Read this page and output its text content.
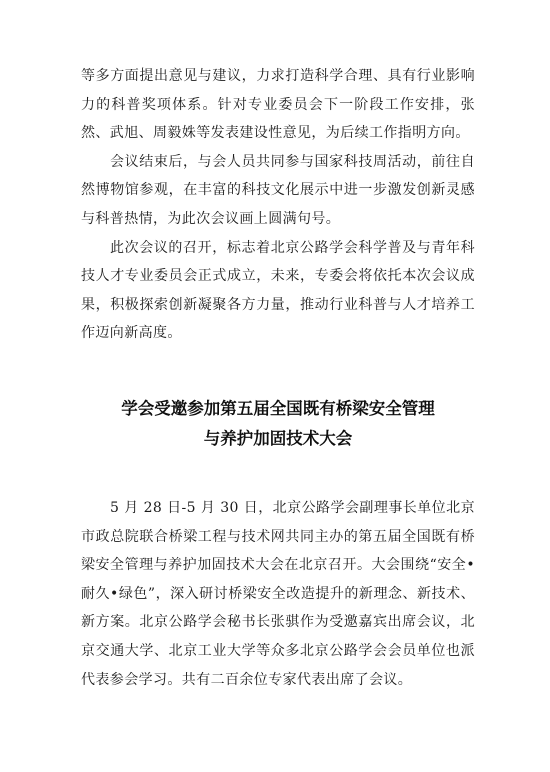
等多方面提出意见与建议，力求打造科学合理、具有行业影响力的科普奖项体系。针对专业委员会下一阶段工作安排，张然、武旭、周毅姝等发表建设性意见，为后续工作指明方向。

会议结束后，与会人员共同参与国家科技周活动，前往自然博物馆参观，在丰富的科技文化展示中进一步激发创新灵感与科普热情，为此次会议画上圆满句号。

此次会议的召开，标志着北京公路学会科学普及与青年科技人才专业委员会正式成立，未来，专委会将依托本次会议成果，积极探索创新凝聚各方力量，推动行业科普与人才培养工作迈向新高度。

学会受邀参加第五届全国既有桥梁安全管理

与养护加固技术大会

5 月 28 日-5 月 30 日，北京公路学会副理事长单位北京市政总院联合桥梁工程与技术网共同主办的第五届全国既有桥梁安全管理与养护加固技术大会在北京召开。大会围绕“安全•耐久•绿色”，深入研讨桥梁安全改造提升的新理念、新技术、新方案。北京公路学会秘书长张骐作为受邀嘉宾出席会议，北京交通大学、北京工业大学等众多北京公路学会会员单位也派代表参会学习。共有二百余位专家代表出席了会议。
